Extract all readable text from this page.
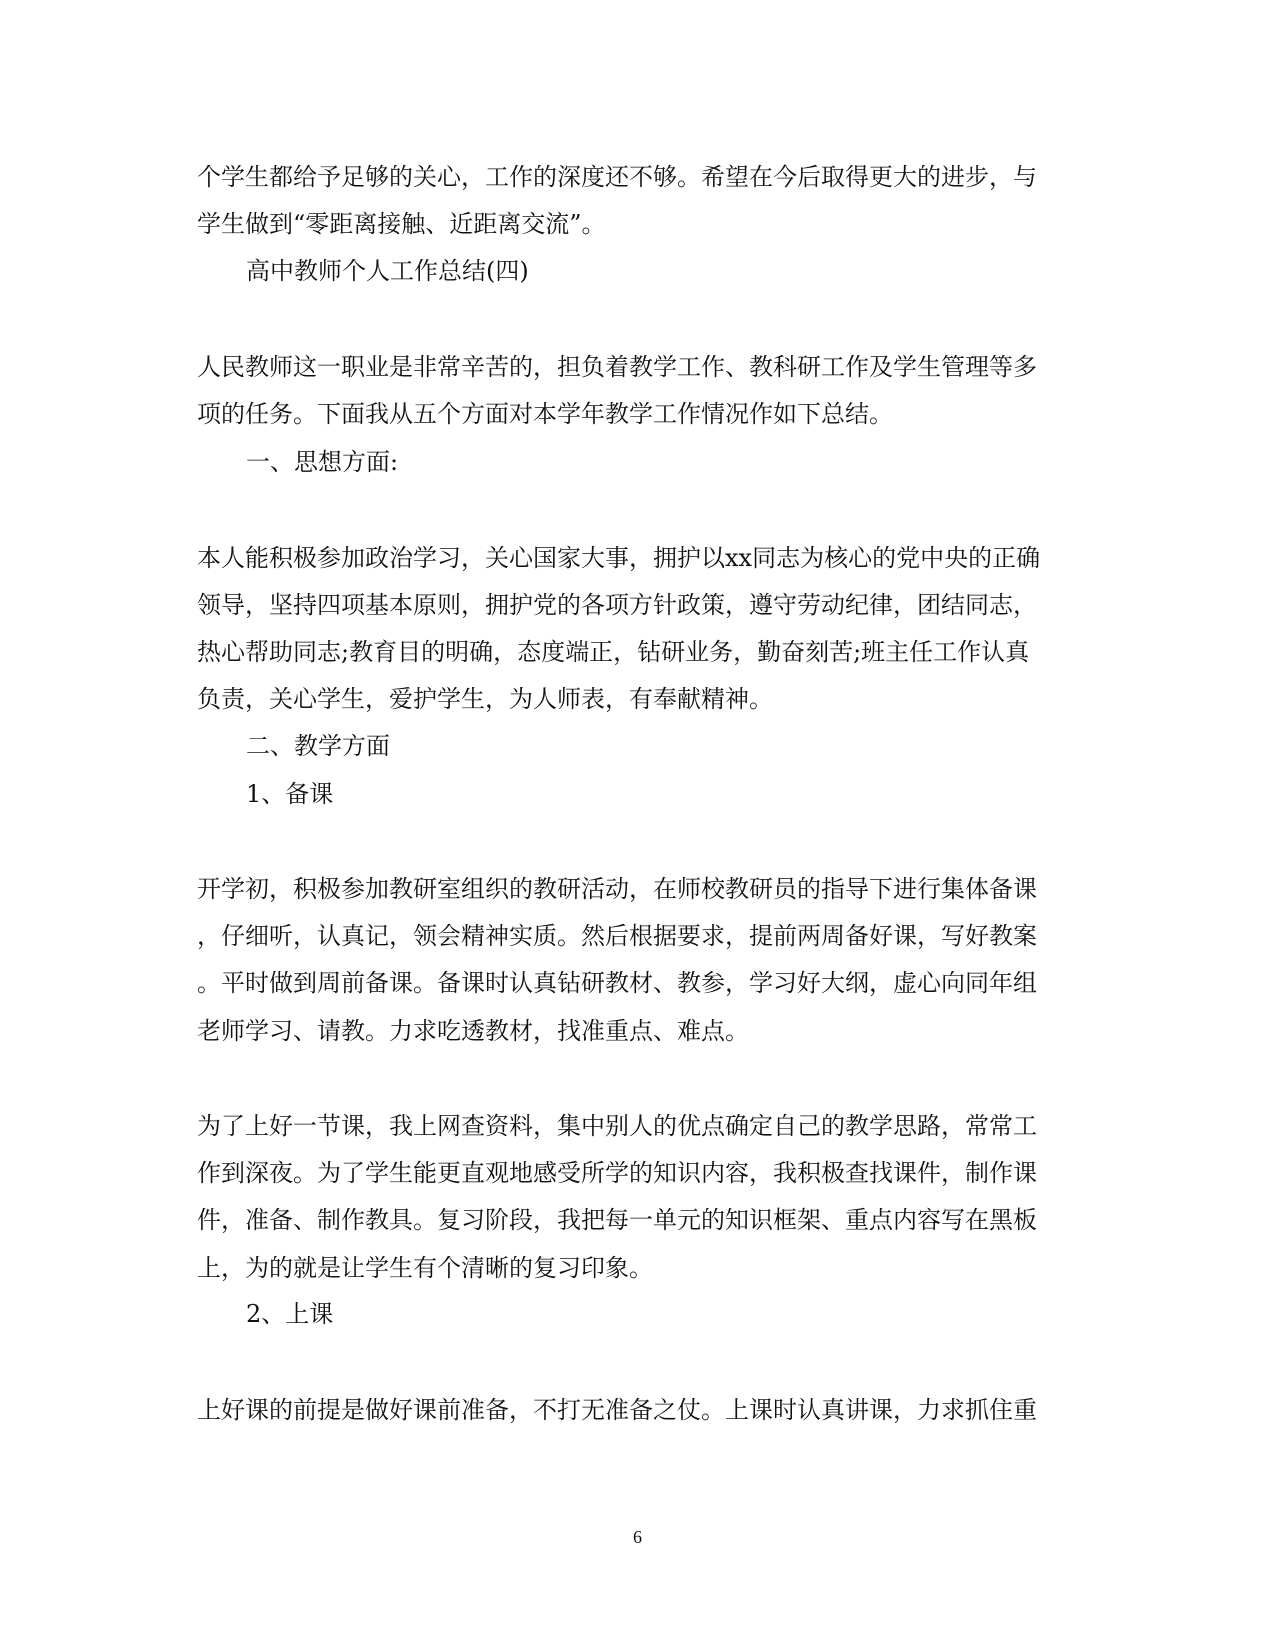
个学生都给予足够的关心，工作的深度还不够。希望在今后取得更大的进步，与
学生做到“零距离接触、近距离交流”。
高中教师个人工作总结(四)
人民教师这一职业是非常辛苦的，担负着教学工作、教科研工作及学生管理等多
项的任务。下面我从五个方面对本学年教学工作情况作如下总结。
一、思想方面:
本人能积极参加政治学习，关心国家大事，拥护以xx同志为核心的党中央的正确
领导，坚持四项基本原则，拥护党的各项方针政策，遵守劳动纪律，团结同志，
热心帮助同志;教育目的明确，态度端正，钻研业务，勤奋刻苦;班主任工作认真
负责，关心学生，爱护学生，为人师表，有奉献精神。
二、教学方面
1、备课
开学初，积极参加教研室组织的教研活动，在师校教研员的指导下进行集体备课
，仔细听，认真记，领会精神实质。然后根据要求，提前两周备好课，写好教案
。平时做到周前备课。备课时认真钻研教材、教参，学习好大纲，虚心向同年组
老师学习、请教。力求吃透教材，找准重点、难点。
为了上好一节课，我上网查资料，集中别人的优点确定自己的教学思路，常常工
作到深夜。为了学生能更直观地感受所学的知识内容，我积极查找课件，制作课
件，准备、制作教具。复习阶段，我把每一单元的知识框架、重点内容写在黑板
上，为的就是让学生有个清晰的复习印象。
2、上课
上好课的前提是做好课前准备，不打无准备之仗。上课时认真讲课，力求抓住重
6
